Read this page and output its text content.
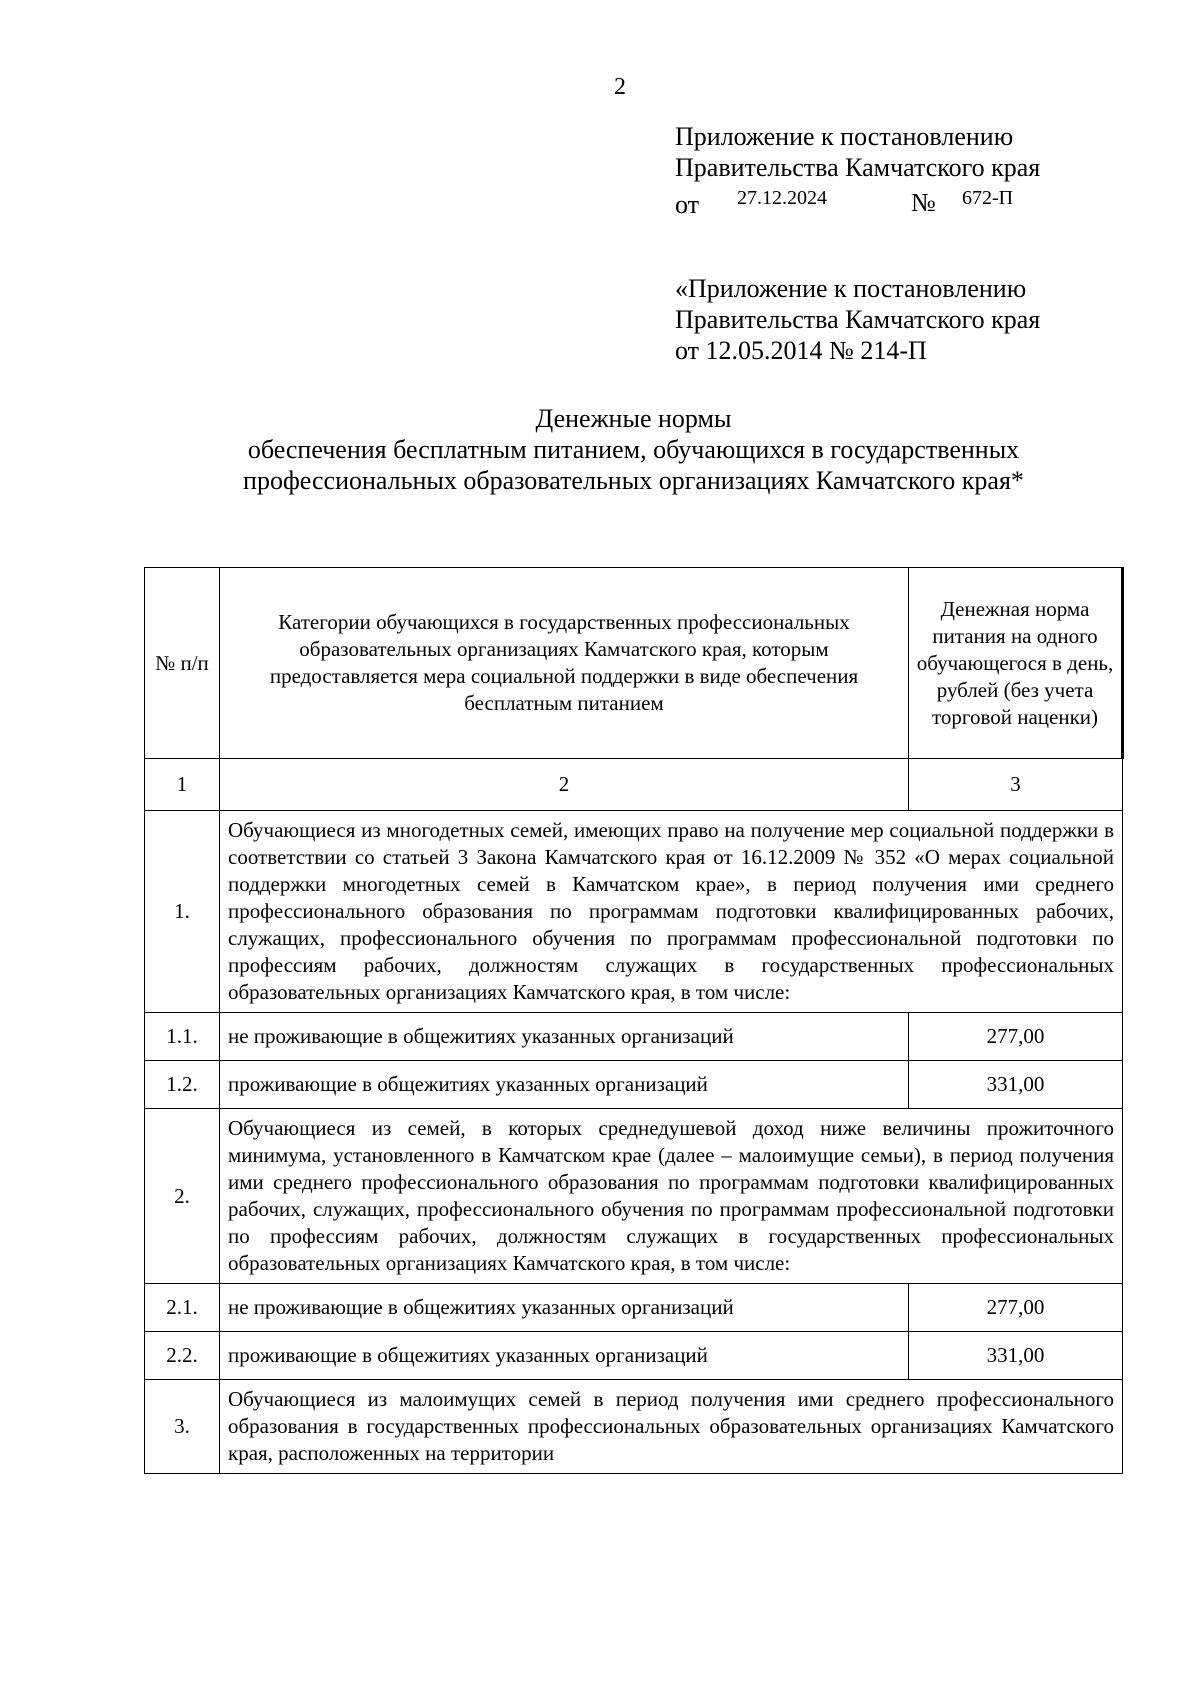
2
Приложение к постановлению
Правительства Камчатского края
от 27.12.2024	№ 672-П
«Приложение к постановлению
Правительства Камчатского края
от 12.05.2014 № 214-П
Денежные нормы
обеспечения бесплатным питанием, обучающихся в государственных
профессиональных образовательных организациях Камчатского края*
№ п/п	Категории обучающихся в государственных профессиональных образовательных организациях Камчатского края, которым предоставляется мера социальной поддержки в виде обеспечения бесплатным питанием	Денежная норма питания на одного обучающегося в день, рублей (без учета торговой наценки)
1	2	3
1.	Обучающиеся из многодетных семей, имеющих право на получение мер социальной поддержки в соответствии со статьей 3 Закона Камчатского края от 16.12.2009 № 352 «О мерах социальной поддержки многодетных семей в Камчатском крае», в период получения ими среднего профессионального образования по программам подготовки квалифицированных рабочих, служащих, профессионального обучения по программам профессиональной подготовки по профессиям рабочих, должностям служащих в государственных профессиональных образовательных организациях Камчатского края, в том числе:	
1.1.	не проживающие в общежитиях указанных организаций	277,00
1.2.	проживающие в общежитиях указанных организаций	331,00
2.	Обучающиеся из семей, в которых среднедушевой доход ниже величины прожиточного минимума, установленного в Камчатском крае (далее – малоимущие семьи), в период получения ими среднего профессионального образования по программам подготовки квалифицированных рабочих, служащих, профессионального обучения по программам профессиональной подготовки по профессиям рабочих, должностям служащих в государственных профессиональных образовательных организациях Камчатского края, в том числе:	
2.1.	не проживающие в общежитиях указанных организаций	277,00
2.2.	проживающие в общежитиях указанных организаций	331,00
3.	Обучающиеся из малоимущих семей в период получения ими среднего профессионального образования в государственных профессиональных образовательных организациях Камчатского края, расположенных на территории	
